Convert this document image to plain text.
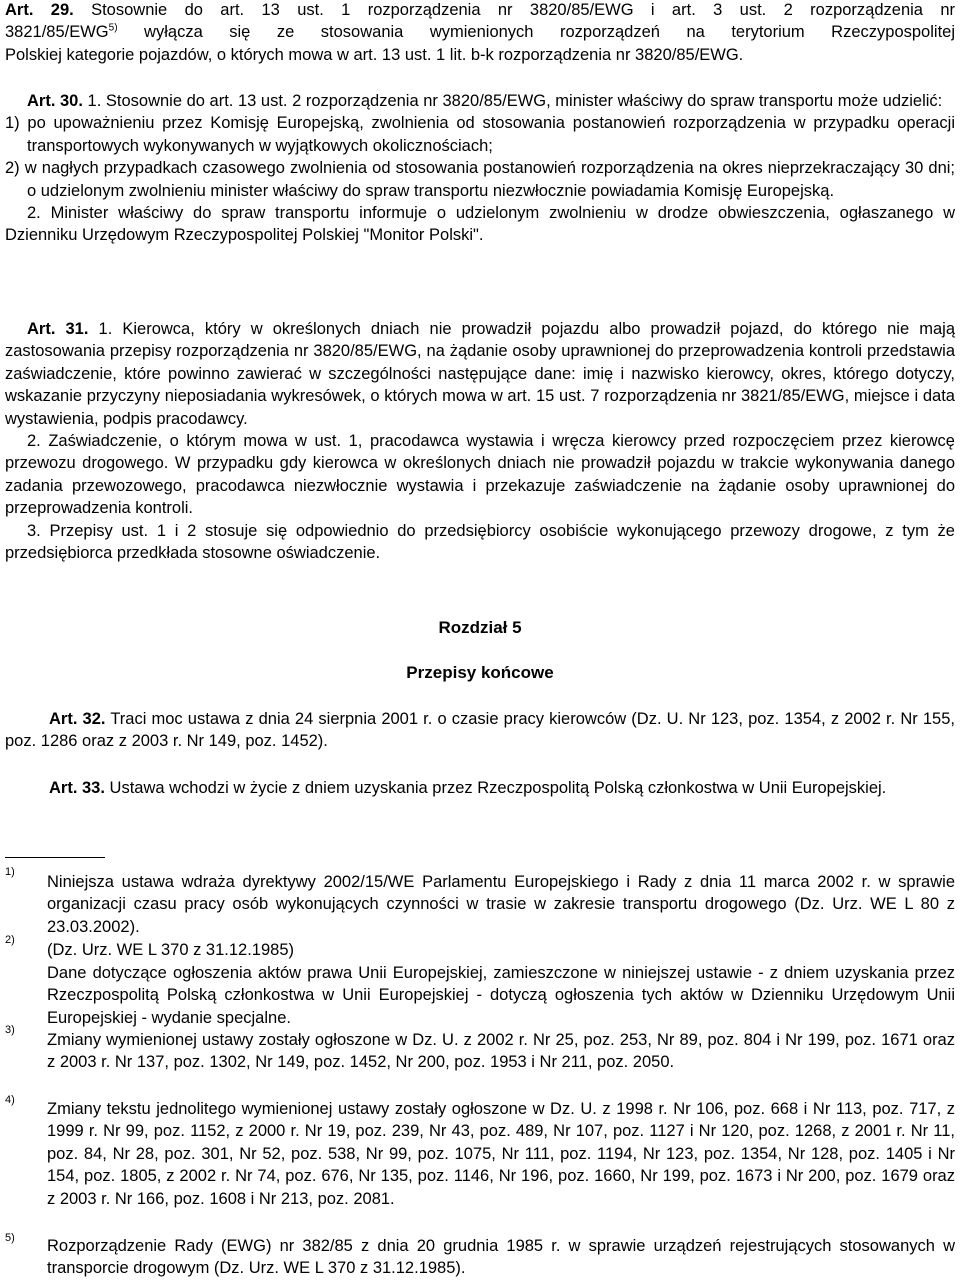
Art. 29. Stosownie do art. 13 ust. 1 rozporządzenia nr 3820/85/EWG i art. 3 ust. 2 rozporządzenia nr
3821/85/EWG$^{5)}$ wyłącza się ze stosowania wymienionych rozporządzeń na terytorium Rzeczypospolitej
Polskiej kategorie pojazdów, o których mowa w art. 13 ust. 1 lit. b-k rozporządzenia nr 3820/85/EWG.
Art. 30. 1. Stosownie do art. 13 ust. 2 rozporządzenia nr 3820/85/EWG, minister właściwy do spraw transportu może udzielić:
1) po upoważnieniu przez Komisję Europejską, zwolnienia od stosowania postanowień rozporządzenia w przypadku operacji transportowych wykonywanych w wyjątkowych okolicznościach;
2) w nagłych przypadkach czasowego zwolnienia od stosowania postanowień rozporządzenia na okres nieprzekraczający 30 dni; o udzielonym zwolnieniu minister właściwy do spraw transportu niezwłocznie powiadamia Komisję Europejską.
2. Minister właściwy do spraw transportu informuje o udzielonym zwolnieniu w drodze obwieszczenia, ogłaszanego w Dzienniku Urzędowym Rzeczypospolitej Polskiej "Monitor Polski".
Art. 31. 1. Kierowca, który w określonych dniach nie prowadził pojazdu albo prowadził pojazd, do którego nie mają zastosowania przepisy rozporządzenia nr 3820/85/EWG, na żądanie osoby uprawnionej do przeprowadzenia kontroli przedstawia zaświadczenie, które powinno zawierać w szczególności następujące dane: imię i nazwisko kierowcy, okres, którego dotyczy, wskazanie przyczyny nieposiadania wykresówek, o których mowa w art. 15 ust. 7 rozporządzenia nr 3821/85/EWG, miejsce i data wystawienia, podpis pracodawcy.
2. Zaświadczenie, o którym mowa w ust. 1, pracodawca wystawia i wręcza kierowcy przed rozpoczęciem przez kierowcę przewozu drogowego. W przypadku gdy kierowca w określonych dniach nie prowadził pojazdu w trakcie wykonywania danego zadania przewozowego, pracodawca niezwłocznie wystawia i przekazuje zaświadczenie na żądanie osoby uprawnionej do przeprowadzenia kontroli.
3. Przepisy ust. 1 i 2 stosuje się odpowiednio do przedsiębiorcy osobiście wykonującego przewozy drogowe, z tym że przedsiębiorca przedkłada stosowne oświadczenie.
Rozdział 5
Przepisy końcowe
Art. 32. Traci moc ustawa z dnia 24 sierpnia 2001 r. o czasie pracy kierowców (Dz. U. Nr 123, poz. 1354, z 2002 r. Nr 155, poz. 1286 oraz z 2003 r. Nr 149, poz. 1452).
Art. 33. Ustawa wchodzi w życie z dniem uzyskania przez Rzeczpospolitą Polską członkostwa w Unii Europejskiej.
1)
Niniejsza ustawa wdraża dyrektywy 2002/15/WE Parlamentu Europejskiego i Rady z dnia 11 marca 2002 r. w sprawie organizacji czasu pracy osób wykonujących czynności w trasie w zakresie transportu drogowego (Dz. Urz. WE L 80 z 23.03.2002).
2)
(Dz. Urz. WE L 370 z 31.12.1985)
Dane dotyczące ogłoszenia aktów prawa Unii Europejskiej, zamieszczone w niniejszej ustawie - z dniem uzyskania przez Rzeczpospolitą Polską członkostwa w Unii Europejskiej - dotyczą ogłoszenia tych aktów w Dzienniku Urzędowym Unii Europejskiej - wydanie specjalne.
3)
Zmiany wymienionej ustawy zostały ogłoszone w Dz. U. z 2002 r. Nr 25, poz. 253, Nr 89, poz. 804 i Nr 199, poz. 1671 oraz z 2003 r. Nr 137, poz. 1302, Nr 149, poz. 1452, Nr 200, poz. 1953 i Nr 211, poz. 2050.
4) Zmiany tekstu jednolitego wymienionej ustawy zostały ogłoszone w Dz. U. z 1998 r. Nr 106, poz. 668 i Nr 113, poz. 717, z 1999 r. Nr 99, poz. 1152, z 2000 r. Nr 19, poz. 239, Nr 43, poz. 489, Nr 107, poz. 1127 i Nr 120, poz. 1268, z 2001 r. Nr 11, poz. 84, Nr 28, poz. 301, Nr 52, poz. 538, Nr 99, poz. 1075, Nr 111, poz. 1194, Nr 123, poz. 1354, Nr 128, poz. 1405 i Nr 154, poz. 1805, z 2002 r. Nr 74, poz. 676, Nr 135, poz. 1146, Nr 196, poz. 1660, Nr 199, poz. 1673 i Nr 200, poz. 1679 oraz z 2003 r. Nr 166, poz. 1608 i Nr 213, poz. 2081.
5) Rozporządzenie Rady (EWG) nr 382/85 z dnia 20 grudnia 1985 r. w sprawie urządzeń rejestrujących stosowanych w transporcie drogowym (Dz. Urz. WE L 370 z 31.12.1985).
